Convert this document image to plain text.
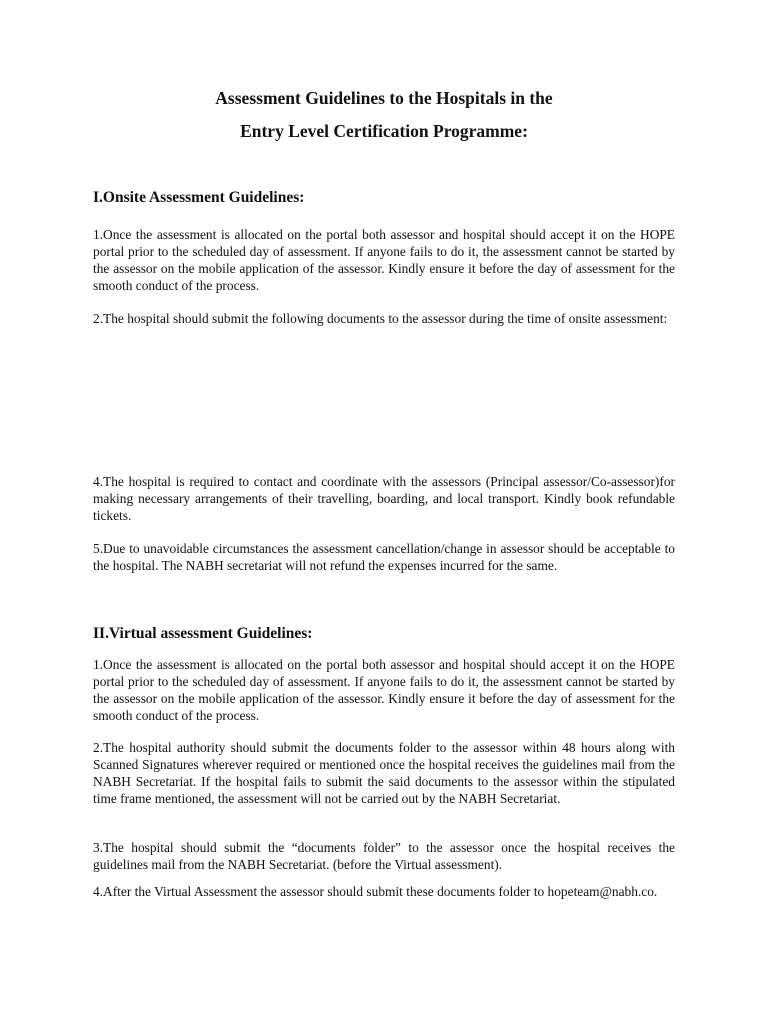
Assessment Guidelines to the Hospitals in the
Entry Level Certification Programme:
I.Onsite Assessment Guidelines:

1.Once the assessment is allocated on the portal both assessor and hospital should accept it on the HOPE portal prior to the scheduled day of assessment. If anyone fails to do it, the assessment cannot be started by the assessor on the mobile application of the assessor. Kindly ensure it before the day of assessment for the smooth conduct of the process.

2.The hospital should submit the following documents to the assessor during the time of onsite assessment:

4.The hospital is required to contact and coordinate with the assessors (Principal assessor/Co-assessor)for making necessary arrangements of their travelling, boarding, and local transport. Kindly book refundable tickets.

5.Due to unavoidable circumstances the assessment cancellation/change in assessor should be acceptable to the hospital. The NABH secretariat will not refund the expenses incurred for the same.

II.Virtual assessment Guidelines:

1.Once the assessment is allocated on the portal both assessor and hospital should accept it on the HOPE portal prior to the scheduled day of assessment. If anyone fails to do it, the assessment cannot be started by the assessor on the mobile application of the assessor. Kindly ensure it before the day of assessment for the smooth conduct of the process.

2.The hospital authority should submit the documents folder to the assessor within 48 hours along with Scanned Signatures wherever required or mentioned once the hospital receives the guidelines mail from the NABH Secretariat. If the hospital fails to submit the said documents to the assessor within the stipulated time frame mentioned, the assessment will not be carried out by the NABH Secretariat.

3.The hospital should submit the “documents folder” to the assessor once the hospital receives the guidelines mail from the NABH Secretariat. (before the Virtual assessment).

4.After the Virtual Assessment the assessor should submit these documents folder to hopeteam@nabh.co.
